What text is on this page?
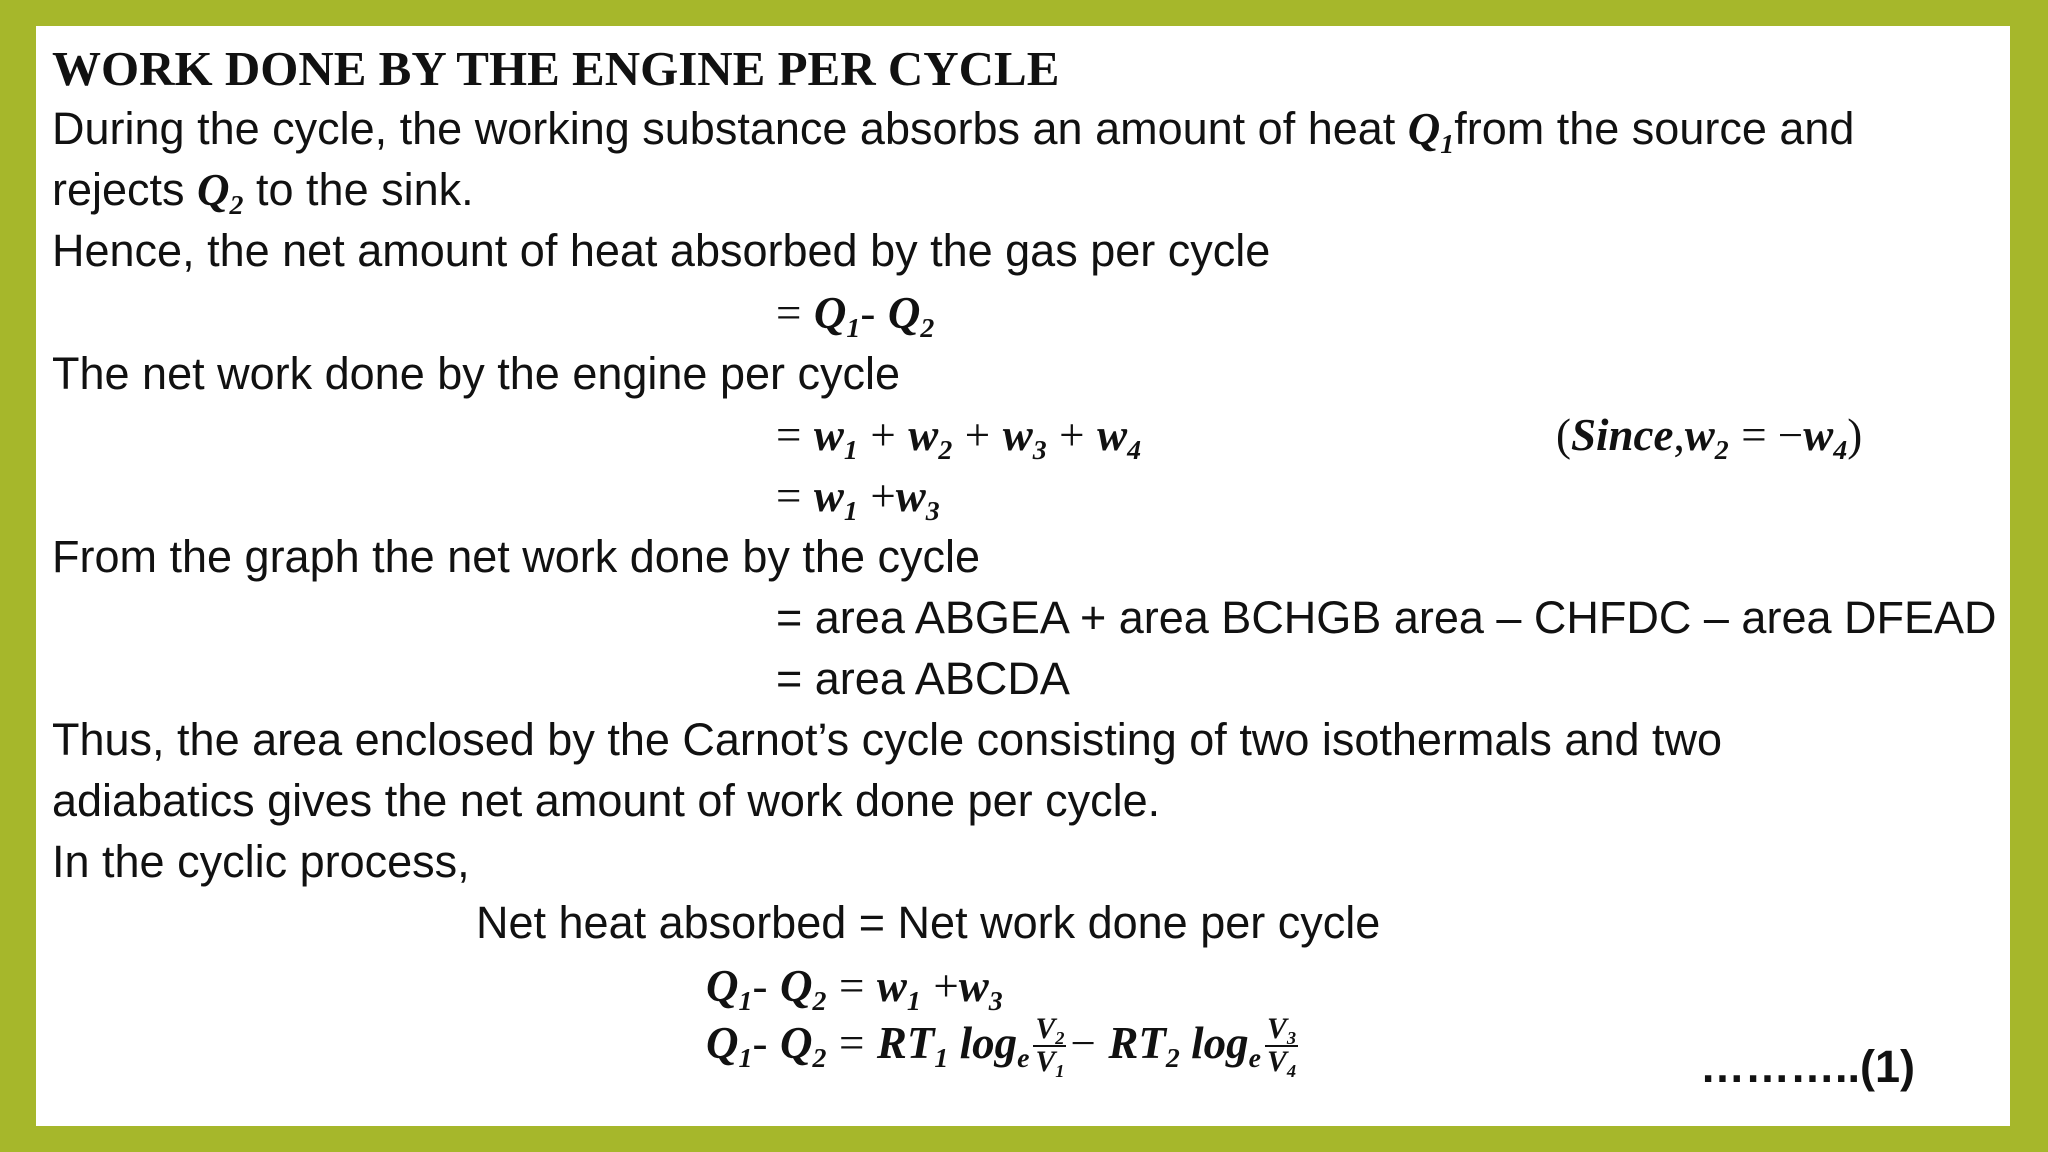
WORK DONE BY THE ENGINE PER CYCLE
During the cycle, the working substance absorbs an amount of heat $Q_1from$ the source and
rejects $Q_2$ to the sink.
Hence, the net amount of heat absorbed by the gas per cycle
= $Q_1-$ $Q_2$
The net work done by the engine per cycle
= $w_1 + w_2 + w_3 + w_4$	$(Since,w_2 = -w_4)$
= $w_1 +w_3$
From the graph the net work done by the cycle
= area ABGEA + area BCHGB area – CHFDC – area DFEAD
= area ABCDA
Thus, the area enclosed by the Carnot’s cycle consisting of two isothermals and two
adiabatics gives the net amount of work done per cycle.
In the cyclic process,
Net heat absorbed = Net work done per cycle
$Q_1-$ $Q_2 = w_1 +w_3$
$Q_1-$ $Q_2 = RT_1$ $\log_e \frac{V_2}{V_1} - RT_2$ $\log_e \frac{V_3}{V_4}$	………..(1)
